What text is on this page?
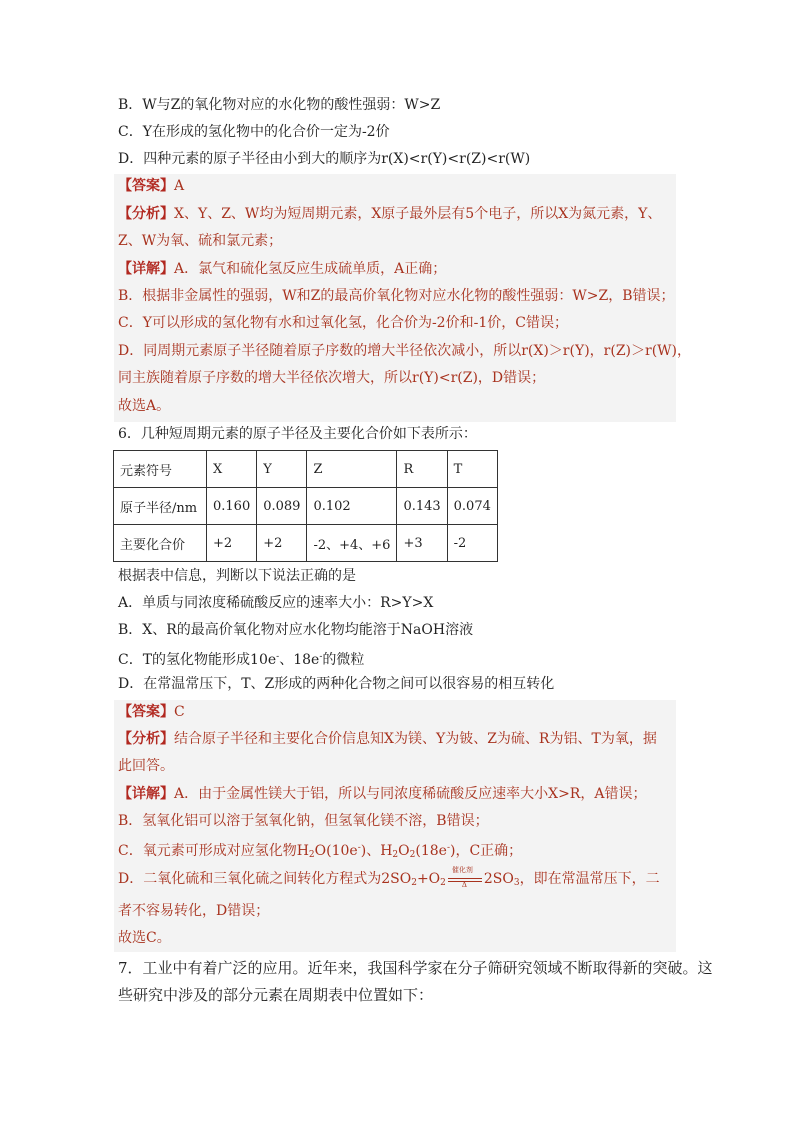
B．W与Z的氧化物对应的水化物的酸性强弱：W>Z
C．Y在形成的氢化物中的化合价一定为-2价
D．四种元素的原子半径由小到大的顺序为r(X)<r(Y)<r(Z)<r(W)
【答案】A
【分析】X、Y、Z、W均为短周期元素，X原子最外层有5个电子，所以X为氮元素，Y、
Z、W为氧、硫和氯元素；
【详解】A．氯气和硫化氢反应生成硫单质，A正确；
B．根据非金属性的强弱，W和Z的最高价氧化物对应水化物的酸性强弱：W>Z，B错误；
C．Y可以形成的氢化物有水和过氧化氢，化合价为-2价和-1价，C错误；
D．同周期元素原子半径随着原子序数的增大半径依次减小，所以r(X)＞r(Y)，r(Z)＞r(W)，
同主族随着原子序数的增大半径依次增大，所以r(Y)<r(Z)，D错误；
故选A。
6．几种短周期元素的原子半径及主要化合价如下表所示：
元素符号	X	Y	Z	R	T
原子半径/nm	0.160	0.089	0.102	0.143	0.074
主要化合价	+2	+2	-2、+4、+6	+3	-2
根据表中信息，判断以下说法正确的是
A．单质与同浓度稀硫酸反应的速率大小：R>Y>X
B．X、R的最高价氧化物对应水化物均能溶于NaOH溶液
C．T的氢化物能形成10e-、18e-的微粒
D．在常温常压下，T、Z形成的两种化合物之间可以很容易的相互转化
【答案】C
【分析】结合原子半径和主要化合价信息知X为镁、Y为铍、Z为硫、R为铝、T为氧，据
此回答。
【详解】A．由于金属性镁大于铝，所以与同浓度稀硫酸反应速率大小X>R，A错误；
B．氢氧化铝可以溶于氢氧化钠，但氢氧化镁不溶，B错误；
C．氧元素可形成对应氢化物$H_2O(10e^-)$、$H_2O_2(18e^-)$，C正确；
D．二氧化硫和三氧化硫之间转化方程式为$2SO_2+O_2$
催化剂
Δ $2SO_3$，即在常温常压下，二
者不容易转化，D错误；
故选C。
7．工业中有着广泛的应用。近年来，我国科学家在分子筛研究领域不断取得新的突破。这
些研究中涉及的部分元素在周期表中位置如下：
